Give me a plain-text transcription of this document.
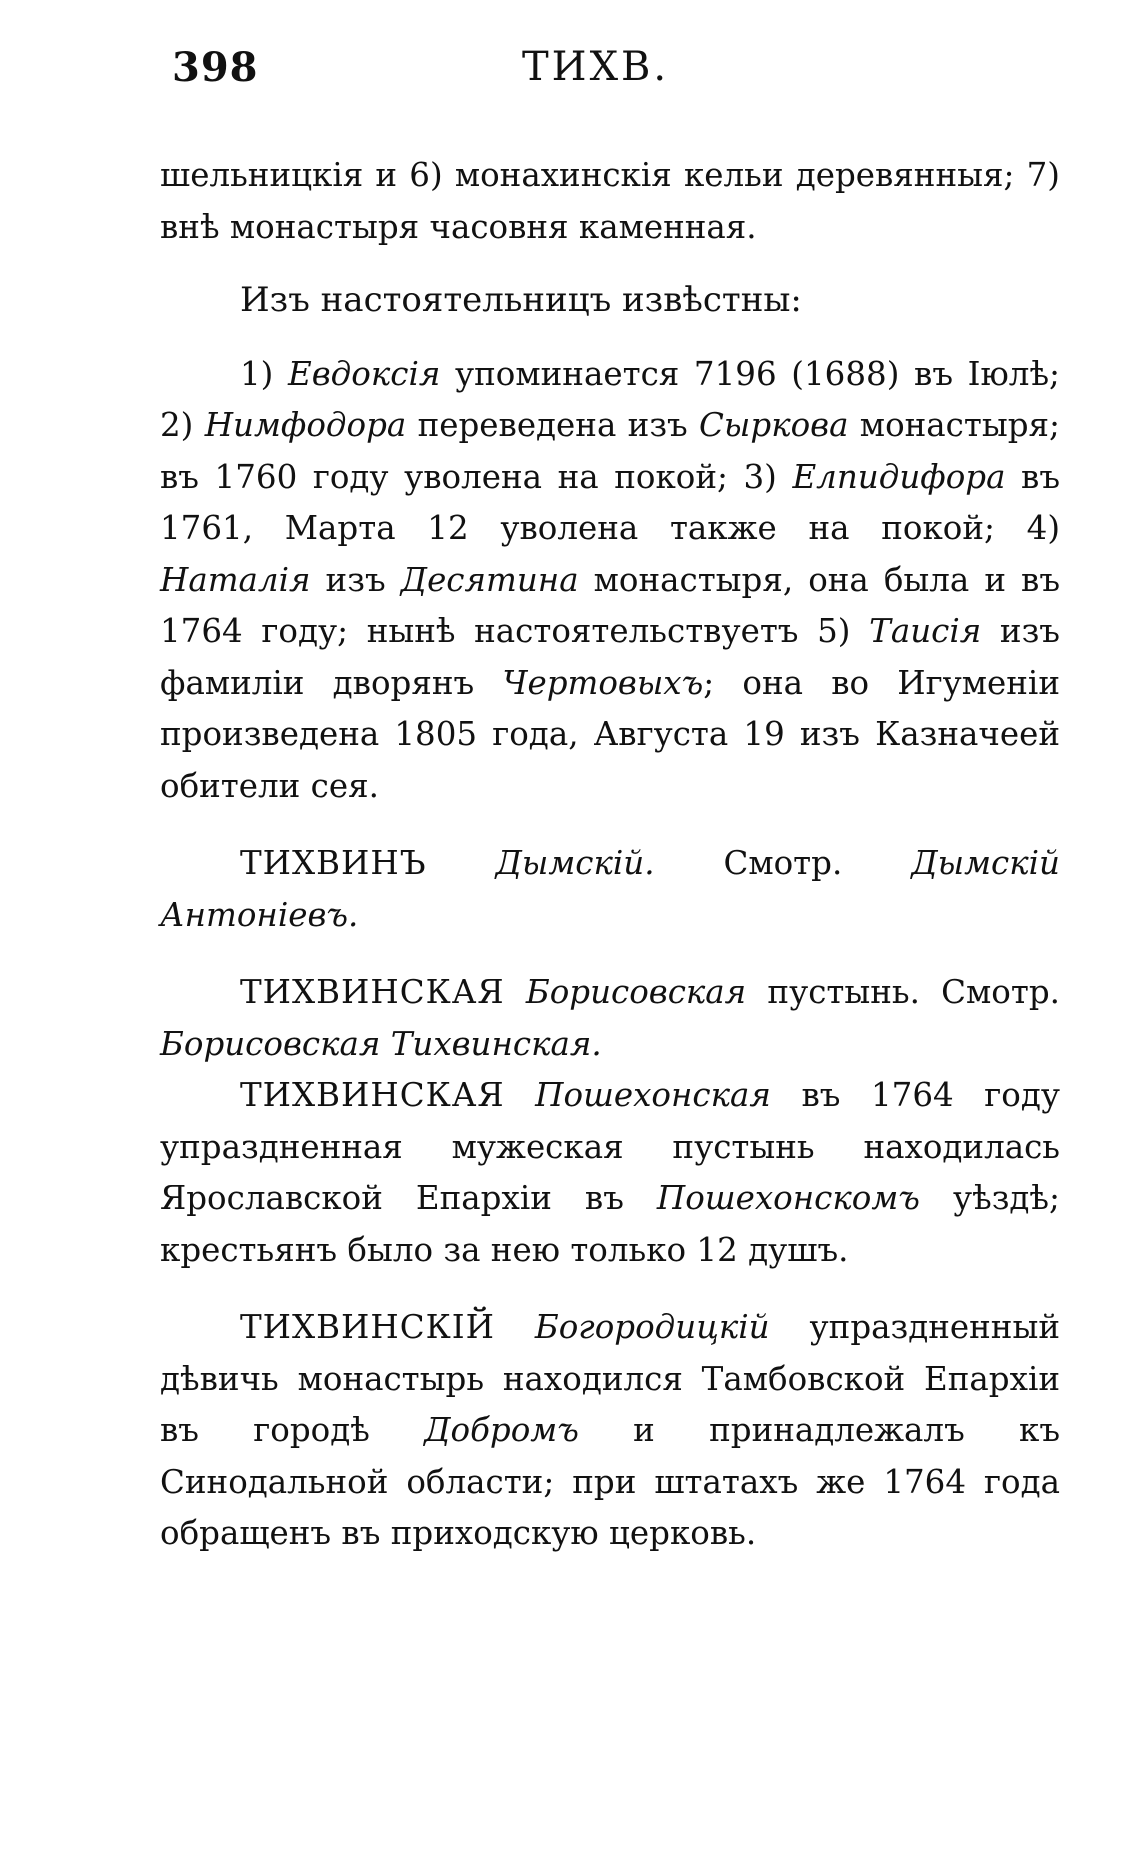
398	ТИХВ.

шельницкія и 6) монахинскія кельи деревянныя; 7) внѣ монастыря часовня каменная.

Изъ настоятельницъ извѣстны:

1) Евдоксія упоминается 7196 (1688) въ Іюлѣ; 2) Нимфодора переведена изъ Сыркова монастыря; въ 1760 году уволена на покой; 3) Елпидифора въ 1761, Марта 12 уволена также на покой; 4) Наталія изъ Десятина монастыря, она была и въ 1764 году; нынѣ настоятельствуетъ 5) Таисія изъ фамиліи дворянъ Чертовыхъ; она во Игуменіи произведена 1805 года, Августа 19 изъ Казначеей обители сея.

ТИХВИНЪ Дымскій. Смотр. Дымскій Антоніевъ.

ТИХВИНСКАЯ Борисовская пустынь. Смотр. Борисовская Тихвинская.

ТИХВИНСКАЯ Пошехонская въ 1764 году упраздненная мужеская пустынь находилась Ярославской Епархіи въ Пошехонскомъ уѣздѣ; крестьянъ было за нею только 12 душъ.

ТИХВИНСКІЙ Богородицкій упраздненный дѣвичь монастырь находился Тамбовской Епархіи въ городѣ Добромъ и принадлежалъ къ Синодальной области; при штатахъ же 1764 года обращенъ въ приходскую церковь.
